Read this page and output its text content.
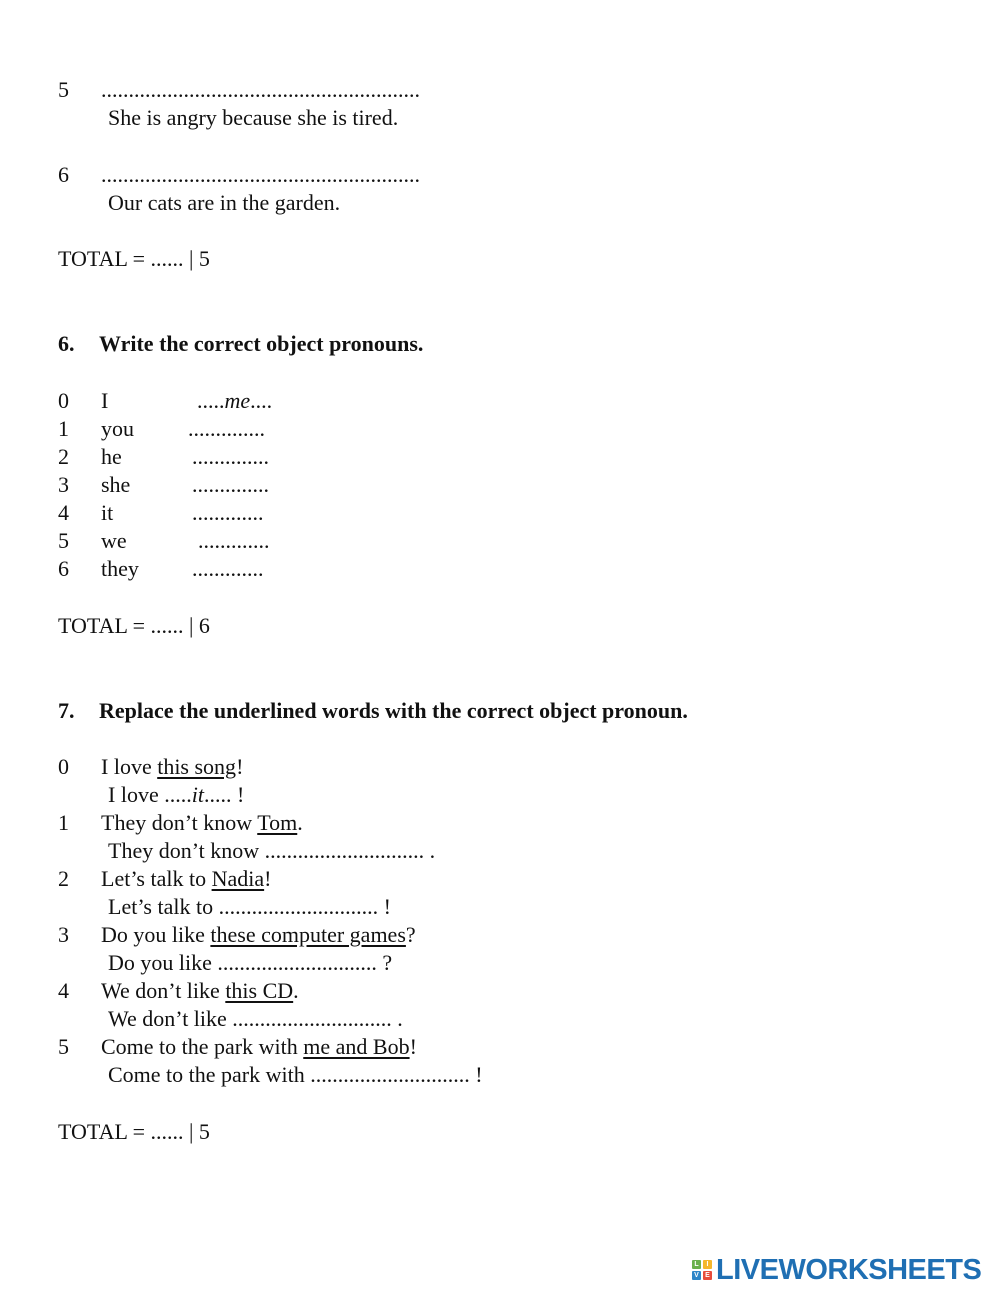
5 ..........................................................
She is angry because she is tired.
6 ..........................................................
Our cats are in the garden.
TOTAL = ...... | 5
6. Write the correct object pronouns.
0 I	.....me....
1 you ..............
2 he	..............
3 she	..............
4 it	.............
5 we	.............
6 they .............
TOTAL = ...... | 6
7. Replace the underlined words with the correct object pronoun.
0 I love this song!
I love .....it..... !
1 They don’t know Tom.
They don’t know ............................. .
2 Let’s talk to Nadia!
Let’s talk to ............................. !
3 Do you like these computer games?
Do you like ............................. ?
4 We don’t like this CD.
We don’t like ............................. .
5 Come to the park with me and Bob!
Come to the park with ............................. !
TOTAL = ...... | 5
L	I
V E LIVEWORKSHEETS
